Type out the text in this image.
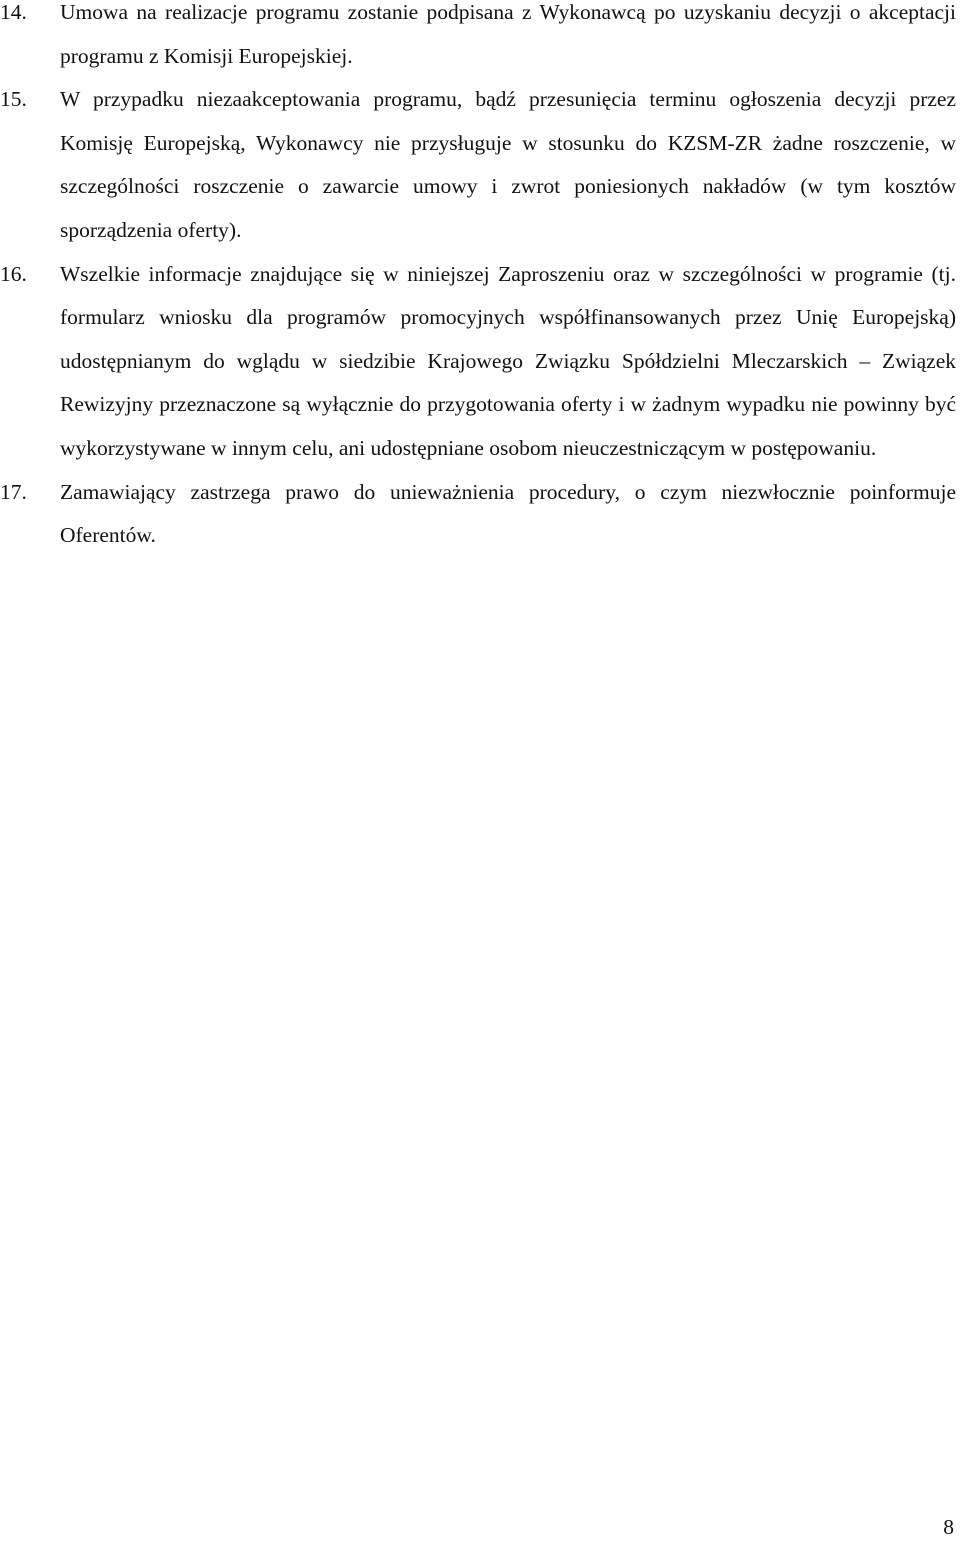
14.	Umowa na realizacje programu zostanie podpisana z Wykonawcą po uzyskaniu decyzji o akceptacji programu z Komisji Europejskiej.
15.	W przypadku niezaakceptowania programu, bądź przesunięcia terminu ogłoszenia decyzji przez Komisję Europejską, Wykonawcy nie przysługuje w stosunku do KZSM-ZR żadne roszczenie, w szczególności roszczenie o zawarcie umowy i zwrot poniesionych nakładów (w tym kosztów sporządzenia oferty).
16.	Wszelkie informacje znajdujące się w niniejszej Zaproszeniu oraz w szczególności w programie (tj. formularz wniosku dla programów promocyjnych współfinansowanych przez Unię Europejską) udostępnianym do wglądu w siedzibie Krajowego Związku Spółdzielni Mleczarskich – Związek Rewizyjny przeznaczone są wyłącznie do przygotowania oferty i w żadnym wypadku nie powinny być wykorzystywane w innym celu, ani udostępniane osobom nieuczestniczącym w postępowaniu.
17.	Zamawiający zastrzega prawo do unieważnienia procedury, o czym niezwłocznie poinformuje Oferentów.
8
